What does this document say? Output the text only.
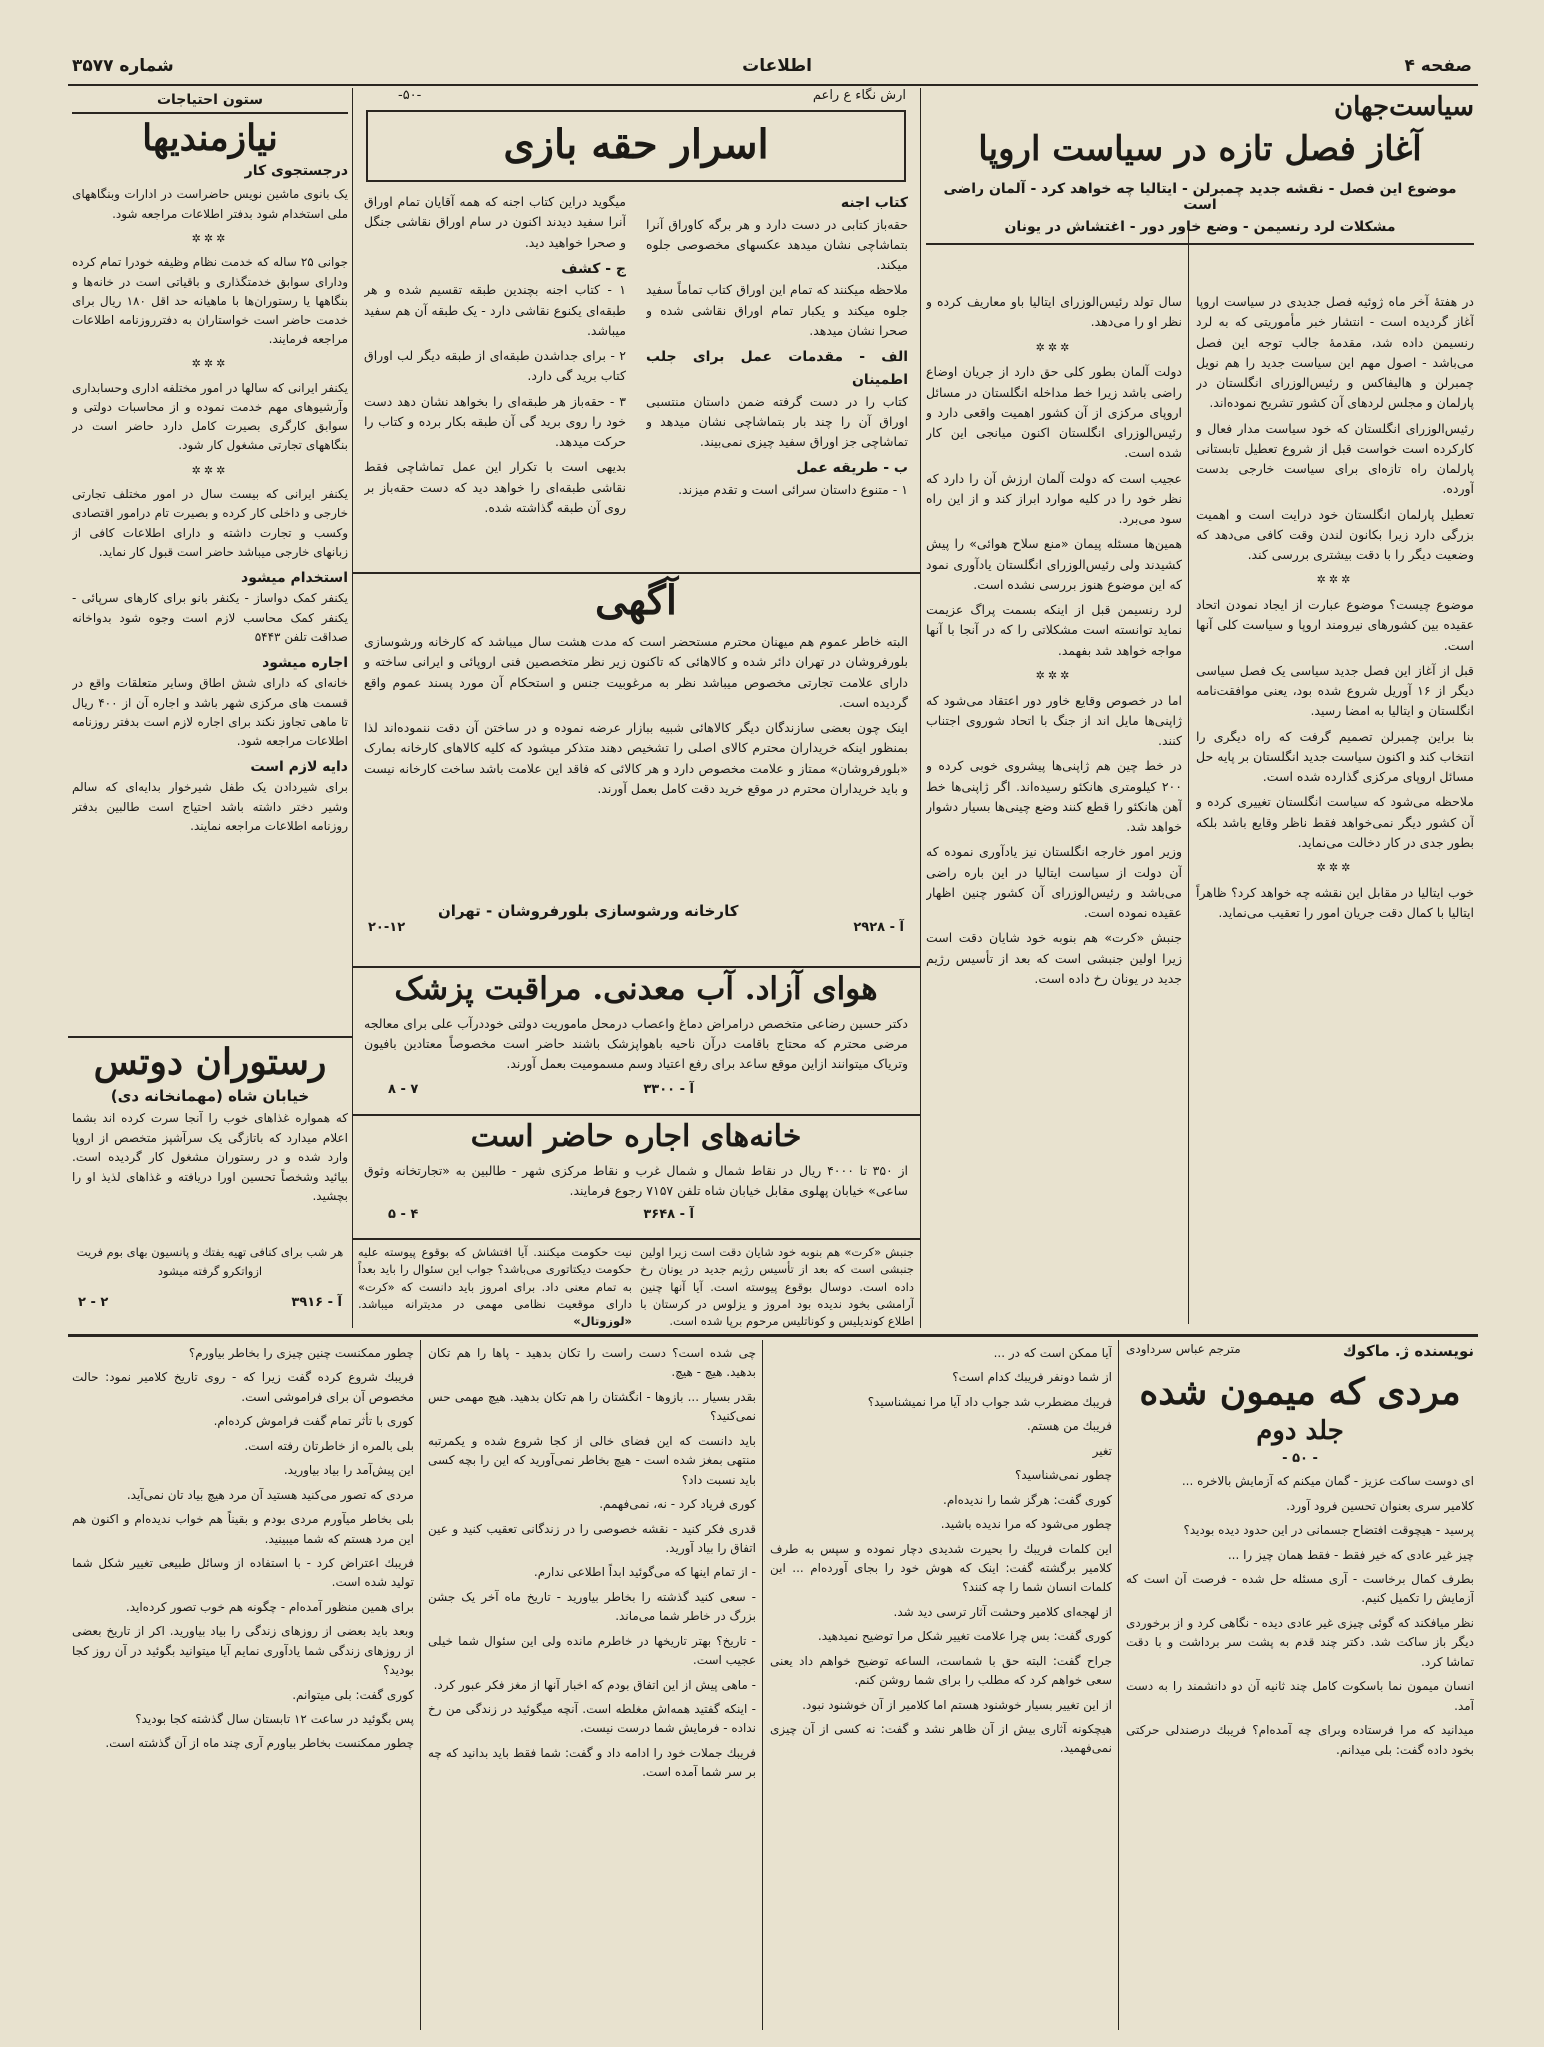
صفحه ۴
اطلاعات
شماره ۳۵۷۷
سیاست‌جهان
آغاز فصل تازه در سیاست اروپا
موضوع این فصل - نقشه جدید چمبرلن - ایتالیا چه خواهد کرد - آلمان راضی است
مشکلات لرد رنسیمن - وضع خاور دور - اغتشاش در یونان

در هفتهٔ آخر ماه ژوئیه فصل جدیدی در سیاست اروپا آغاز گردیده است - انتشار خبر مأموریتی که به لرد رنسیمن داده شد، مقدمهٔ جالب توجه این فصل می‌باشد - اصول مهم این سیاست جدید را هم نویل چمبرلن و هالیفاکس و رئیس‌الوزرای انگلستان در پارلمان و مجلس لردهای آن کشور تشریح نموده‌اند.

رئیس‌الوزرای انگلستان که خود سیاست مدار فعال و کارکرده است خواست قبل از شروع تعطیل تابستانی پارلمان راه تازه‌ای برای سیاست خارجی بدست آورده.

تعطیل پارلمان انگلستان خود درایت است و اهمیت بزرگی دارد زیرا بکانون لندن وقت کافی می‌دهد که وضعیت دیگر را با دقت بیشتری بررسی کند.

✲✲✲

موضوع چیست؟ موضوع عبارت از ایجاد نمودن اتحاد عقیده بین کشورهای نیرومند اروپا و سیاست کلی آنها است.

قبل از آغاز این فصل جدید سیاسی یک فصل سیاسی دیگر از ۱۶ آوریل شروع شده بود، یعنی موافقت‌نامه انگلستان و ایتالیا به امضا رسید.

بنا براین چمبرلن تصمیم گرفت که راه دیگری را انتخاب کند و اکنون سیاست جدید انگلستان بر پایه حل مسائل اروپای مرکزی گذارده شده است.

ملاحظه می‌شود که سیاست انگلستان تغییری کرده و آن کشور دیگر نمی‌خواهد فقط ناظر وقایع باشد بلکه بطور جدی در کار دخالت می‌نماید.

✲✲✲

خوب ایتالیا در مقابل این نقشه چه خواهد کرد؟ ظاهراً ایتالیا با کمال دقت جریان امور را تعقیب می‌نماید.

سال تولد رئیس‌الوزرای ایتالیا باو معاریف کرده و نظر او را می‌دهد.

✲✲✲

دولت آلمان بطور کلی حق دارد از جریان اوضاع راضی باشد زیرا خط مداخله انگلستان در مسائل اروپای مرکزی از آن کشور اهمیت واقعی دارد و رئیس‌الوزرای انگلستان اکنون میانجی این کار شده است.

عجیب است که دولت آلمان ارزش آن را دارد که نظر خود را در کلیه موارد ابراز کند و از این راه سود می‌برد.

همین‌ها مسئله پیمان «منع سلاح هوائی» را پیش کشیدند ولی رئیس‌الوزرای انگلستان یادآوری نمود که این موضوع هنوز بررسی نشده است.

لرد رنسیمن قبل از اینکه بسمت پراگ عزیمت نماید توانسته است مشکلاتی را که در آنجا با آنها مواجه خواهد شد بفهمد.

✲✲✲

اما در خصوص وقایع خاور دور اعتقاد می‌شود که ژاپنی‌ها مایل اند از جنگ با اتحاد شوروی اجتناب کنند.

در خط چین هم ژاپنی‌ها پیشروی خوبی کرده و ۲۰۰ کیلومتری هانکئو رسیده‌اند. اگر ژاپنی‌ها خط آهن هانکئو را قطع کنند وضع چینی‌ها بسیار دشوار خواهد شد.

وزیر امور خارجه انگلستان نیز یادآوری نموده که آن دولت از سیاست ایتالیا در این باره راضی می‌باشد و رئیس‌الوزرای آن کشور چنین اظهار عقیده نموده است.

جنبش «کرت» هم بنوبه خود شایان دقت است زیرا اولین جنبشی است که بعد از تأسیس رژیم جدید در یونان رخ داده است.

ارش نگاء ع راعم
-۵۰-
اسرار حقه بازی
کتاب اجنه

حقه‌باز کتابی در دست دارد و هر برگه کاوراق آنرا بتماشاچی نشان میدهد عکسهای مخصوصی جلوه میکند.

ملاحظه میکنند که تمام این اوراق کتاب تماماً سفید جلوه میکند و یکبار تمام اوراق نقاشی شده و صحرا نشان میدهد.

الف - مقدمات عمل برای جلب اطمینان

کتاب را در دست گرفته ضمن داستان منتسبی اوراق آن را چند بار بتماشاچی نشان میدهد و تماشاچی جز اوراق سفید چیزی نمی‌بیند.

ب - طریقه عمل

۱ - متنوع داستان سرائی است و تقدم میزند.

میگوید دراین کتاب اجنه که همه آقایان تمام اوراق آنرا سفید دیدند اکنون در سام اوراق نقاشی جنگل و صحرا خواهید دید.

ج - کشف

۱ - کتاب اجنه بچندین طبقه تقسیم شده و هر طبقه‌ای یکنوع نقاشی دارد - یک طبقه آن هم سفید میباشد.

۲ - برای جداشدن طبقه‌ای از طبقه دیگر لب اوراق کتاب برید گی دارد.

۳ - حقه‌باز هر طبقه‌ای را بخواهد نشان دهد دست خود را روی برید گی آن طبقه بکار برده و کتاب را حرکت میدهد.

بدیهی است با تکرار این عمل تماشاچی فقط نقاشی طبقه‌ای را خواهد دید که دست حقه‌باز بر روی آن طبقه گذاشته شده.

آگهی

البته خاطر عموم هم میهنان محترم مستحضر است که مدت هشت سال میباشد که کارخانه ورشوسازی بلورفروشان در تهران دائر شده و کالاهائی که تاکنون زیر نظر متخصصین فنی اروپائی و ایرانی ساخته و دارای علامت تجارتی مخصوص میباشد نظر به مرغوبیت جنس و استحکام آن مورد پسند عموم واقع گردیده است.

اینک چون بعضی سازندگان دیگر کالاهائی شبیه ببازار عرضه نموده و در ساختن آن دقت ننموده‌اند لذا بمنظور اینکه خریداران محترم کالای اصلی را تشخیص دهند متذکر میشود که کلیه کالاهای کارخانه بمارک «بلورفروشان» ممتاز و علامت مخصوص دارد و هر کالائی که فاقد این علامت باشد ساخت کارخانه نیست و باید خریداران محترم در موقع خرید دقت کامل بعمل آورند.

کارخانه ورشوسازی بلورفروشان - تهران
آ - ۲۹۲۸
۲۰-۱۲
هوای آزاد. آب معدنی. مراقبت پزشک
دکتر حسین رضاعی متخصص درامراض دماغ واعصاب درمحل ماموریت دولتی خوددرآب علی برای معالجه مرضی محترم که محتاج باقامت درآن ناحیه باهواپزشک باشند حاضر است مخصوصاً معتادین بافیون وتریاک میتوانند ازاین موقع ساعد برای رفع اعتیاد وسم مسمومیت بعمل آورند.
آ - ۳۳۰۰
۷ - ۸
خانه‌های اجاره حاضر است
از ۳۵۰ تا ۴۰۰۰ ریال در نقاط شمال و شمال غرب و نقاط مرکزی شهر - طالبین به «تجارتخانه وثوق ساعی» خیابان پهلوی مقابل خیابان شاه تلفن ۷۱۵۷ رجوع فرمایند.
آ - ۳۶۴۸
۴ - ۵
جنبش «کرت» هم بنوبه خود شایان دقت است زیرا اولین جنبشی است که بعد از تأسیس رژیم جدید در یونان رخ داده است. دوسال بوقوع پیوسته است. آیا آنها چنین آرامشی بخود ندیده بود امروز و یزلوس در کرستان با اطلاع کوندیلیس و کوناتلیس مرحوم برپا شده است.
نیت حکومت میکنند. آیا افتشاش که بوقوع پیوسته علیه حکومت دیکتاتوری می‌باشد؟ جواب این سئوال را باید بعداً به تمام معنی داد. برای امروز باید دانست که «کرت» دارای موقعیت نظامی مهمی در مدیترانه میباشد. «لوزوتال»
ستون احتیاجات
نیازمندیها
درجستجوی کار

یک بانوی ماشین نویس حاضراست در ادارات وبنگاههای ملی استخدام شود بدفتر اطلاعات مراجعه شود.

✲✲✲

جوانی ۲۵ ساله که خدمت نظام وظیفه خودرا تمام کرده ودارای سوابق خدمتگذاری و باقیاتی است در خانه‌ها و بنگاهها یا رستوران‌ها با ماهیانه حد اقل ۱۸۰ ریال برای خدمت حاضر است خواستاران به دفترروزنامه اطلاعات مراجعه فرمایند.

✲✲✲

یکنفر ایرانی که سالها در امور مختلفه اداری وحسابداری وآرشیوهای مهم خدمت نموده و از محاسبات دولتی و سوابق کارگری بصیرت کامل دارد حاضر است در بنگاههای تجارتی مشغول کار شود.

✲✲✲

یکنفر ایرانی که بیست سال در امور مختلف تجارتی خارجی و داخلی کار کرده و بصیرت تام درامور اقتصادی وکسب و تجارت داشته و دارای اطلاعات کافی از زبانهای خارجی میباشد حاضر است قبول کار نماید.

استخدام میشود

یکنفر کمک دواساز - یکنفر بانو برای کارهای سرپائی - یکنفر کمک محاسب لازم است وجوه شود بدواخانه صداقت تلفن ۵۴۴۳

اجاره میشود

خانه‌ای که دارای شش اطاق وسایر متعلقات واقع در قسمت های مرکزی شهر باشد و اجاره آن از ۴۰۰ ریال تا ماهی تجاوز نکند برای اجاره لازم است بدفتر روزنامه اطلاعات مراجعه شود.

دایه لازم است

برای شیردادن یک طفل شیرخوار بدایه‌ای که سالم وشیر دختر داشته باشد احتیاج است طالبین بدفتر روزنامه اطلاعات مراجعه نمایند.

رستوران دوتس
خیابان شاه (مهمانخانه دی)
که همواره غذاهای خوب را آنجا سرت کرده اند بشما اعلام میدارد که باتازگی یک سرآشپز متخصص از اروپا وارد شده و در رستوران مشغول کار گردیده است. بیائید وشخصاً تحسین اورا دریافته و غذاهای لذیذ او را بچشید.
هر شب برای کنافی تهیه یفتك و پانسیون بهای بوم فریت ازواتکرو گرفته میشود
آ - ۳۹۱۶
۲ - ۲
نویسنده ژ. ماکوك
مترجم عباس سرداودی
مردی که میمون شده
جلد دوم
- ۵۰ -

ای دوست ساکت عزیز - گمان میکنم که آزمایش بالاخره ...

کلامیر سری بعنوان تحسین فرود آورد.

پرسید - هیچوقت افتضاح جسمانی در این حدود دیده بودید؟

چیز غیر عادی که خیر فقط - فقط همان چیز را ...

بطرف کمال برخاست - آری مسئله حل شده - فرصت آن است که آزمایش را تکمیل کنیم.

نظر میافکند که گوئی چیزی غیر عادی دیده - نگاهی کرد و از برخوردی دیگر باز ساکت شد. دکتر چند قدم به پشت سر برداشت و با دقت تماشا کرد.

انسان میمون نما باسکوت کامل چند ثانیه آن دو دانشمند را به دست آمد.

میدانید که مرا فرستاده وبرای چه آمده‌ام؟ فریبك درصندلی حرکتی بخود داده گفت: بلی میدانم.

آیا ممکن است که در ...

از شما دونفر فریبك کدام است؟

فریبك مضطرب شد جواب داد آیا مرا نمیشناسید؟

فریبك من هستم.

تغیر

چطور نمی‌شناسید؟

کوری گفت: هرگز شما را ندیده‌ام.

چطور می‌شود که مرا ندیده باشید.

این کلمات فریبك را بحیرت شدیدی دچار نموده و سپس به طرف کلامیر برگشته گفت: اینک که هوش خود را بجای آورده‌ام ... این کلمات انسان شما را چه کنند؟

از لهجه‌ای کلامیر وحشت آثار ترسی دید شد.

کوری گفت: بس چرا علامت تغییر شکل مرا توضیح نمیدهید.

جراح گفت: البته حق با شماست، الساعه توضیح خواهم داد یعنی سعی خواهم کرد که مطلب را برای شما روشن کنم.

از این تغییر بسیار خوشنود هستم اما کلامیر از آن خوشنود نبود.

هیچکونه آثاری بیش از آن ظاهر نشد و گفت: نه کسی از آن چیزی نمی‌فهمید.

چی شده است؟ دست راست را تکان بدهید - پاها را هم تکان بدهید. هیچ - هیچ.

بقدر بسیار ... بازوها - انگشتان را هم تکان بدهید. هیچ مهمی حس نمی‌کنید؟

باید دانست که این فضای خالی از کجا شروع شده و یکمرتبه منتهی بمغز شده است - هیچ بخاطر نمی‌آورید که این را بچه کسی باید نسبت داد؟

کوری فریاد کرد - نه، نمی‌فهمم.

قدری فکر کنید - نقشه خصوصی را در زندگانی تعقیب کنید و عین اتفاق را بیاد آورید.

- از تمام اینها که می‌گوئید ابداً اطلاعی ندارم.

- سعی کنید گذشته را بخاطر بیاورید - تاریخ ماه آخر یک جشن بزرگ در خاطر شما می‌ماند.

- تاریخ؟ بهتر تاریخها در خاطرم مانده ولی این سئوال شما خیلی عجیب است.

- ماهی پیش از این اتفاق بودم که اخبار آنها از مغز فکر عبور کرد.

- اینکه گفتید همه‌اش مغلطه است. آنچه میگوئید در زندگی من رخ نداده - فرمایش شما درست نیست.

فریبك جملات خود را ادامه داد و گفت: شما فقط باید بدانید که چه بر سر شما آمده است.

چطور ممکنست چنین چیزی را بخاطر بیاورم؟

فریبك شروع کرده گفت زیرا که - روی تاریخ کلامیر نمود: حالت مخصوص آن برای فراموشی است.

کوری با تأثر تمام گفت فراموش کرده‌ام.

بلی بالمره از خاطرتان رفته است.

این پیش‌آمد را بیاد بیاورید.

مردی که تصور می‌کنید هستید آن مرد هیچ بیاد تان نمی‌آید.

بلی بخاطر میآورم مردی بودم و بقیناً هم خواب ندیده‌ام و اکنون هم این مرد هستم که شما میبینید.

فریبك اعتراض کرد - با استفاده از وسائل طبیعی تغییر شکل شما تولید شده است.

برای همین منظور آمده‌ام - چگونه هم خوب تصور کرده‌اید.

وبعد باید بعضی از روزهای زندگی را بیاد بیاورید. اکر از تاریخ بعضی از روزهای زندگی شما یادآوری نمایم آیا میتوانید بگوئید در آن روز کجا بودید؟

کوری گفت: بلی میتوانم.

پس بگوئید در ساعت ۱۲ تابستان سال گذشته کجا بودید؟

چطور ممکنست بخاطر بیاورم آری چند ماه از آن گذشته است.
